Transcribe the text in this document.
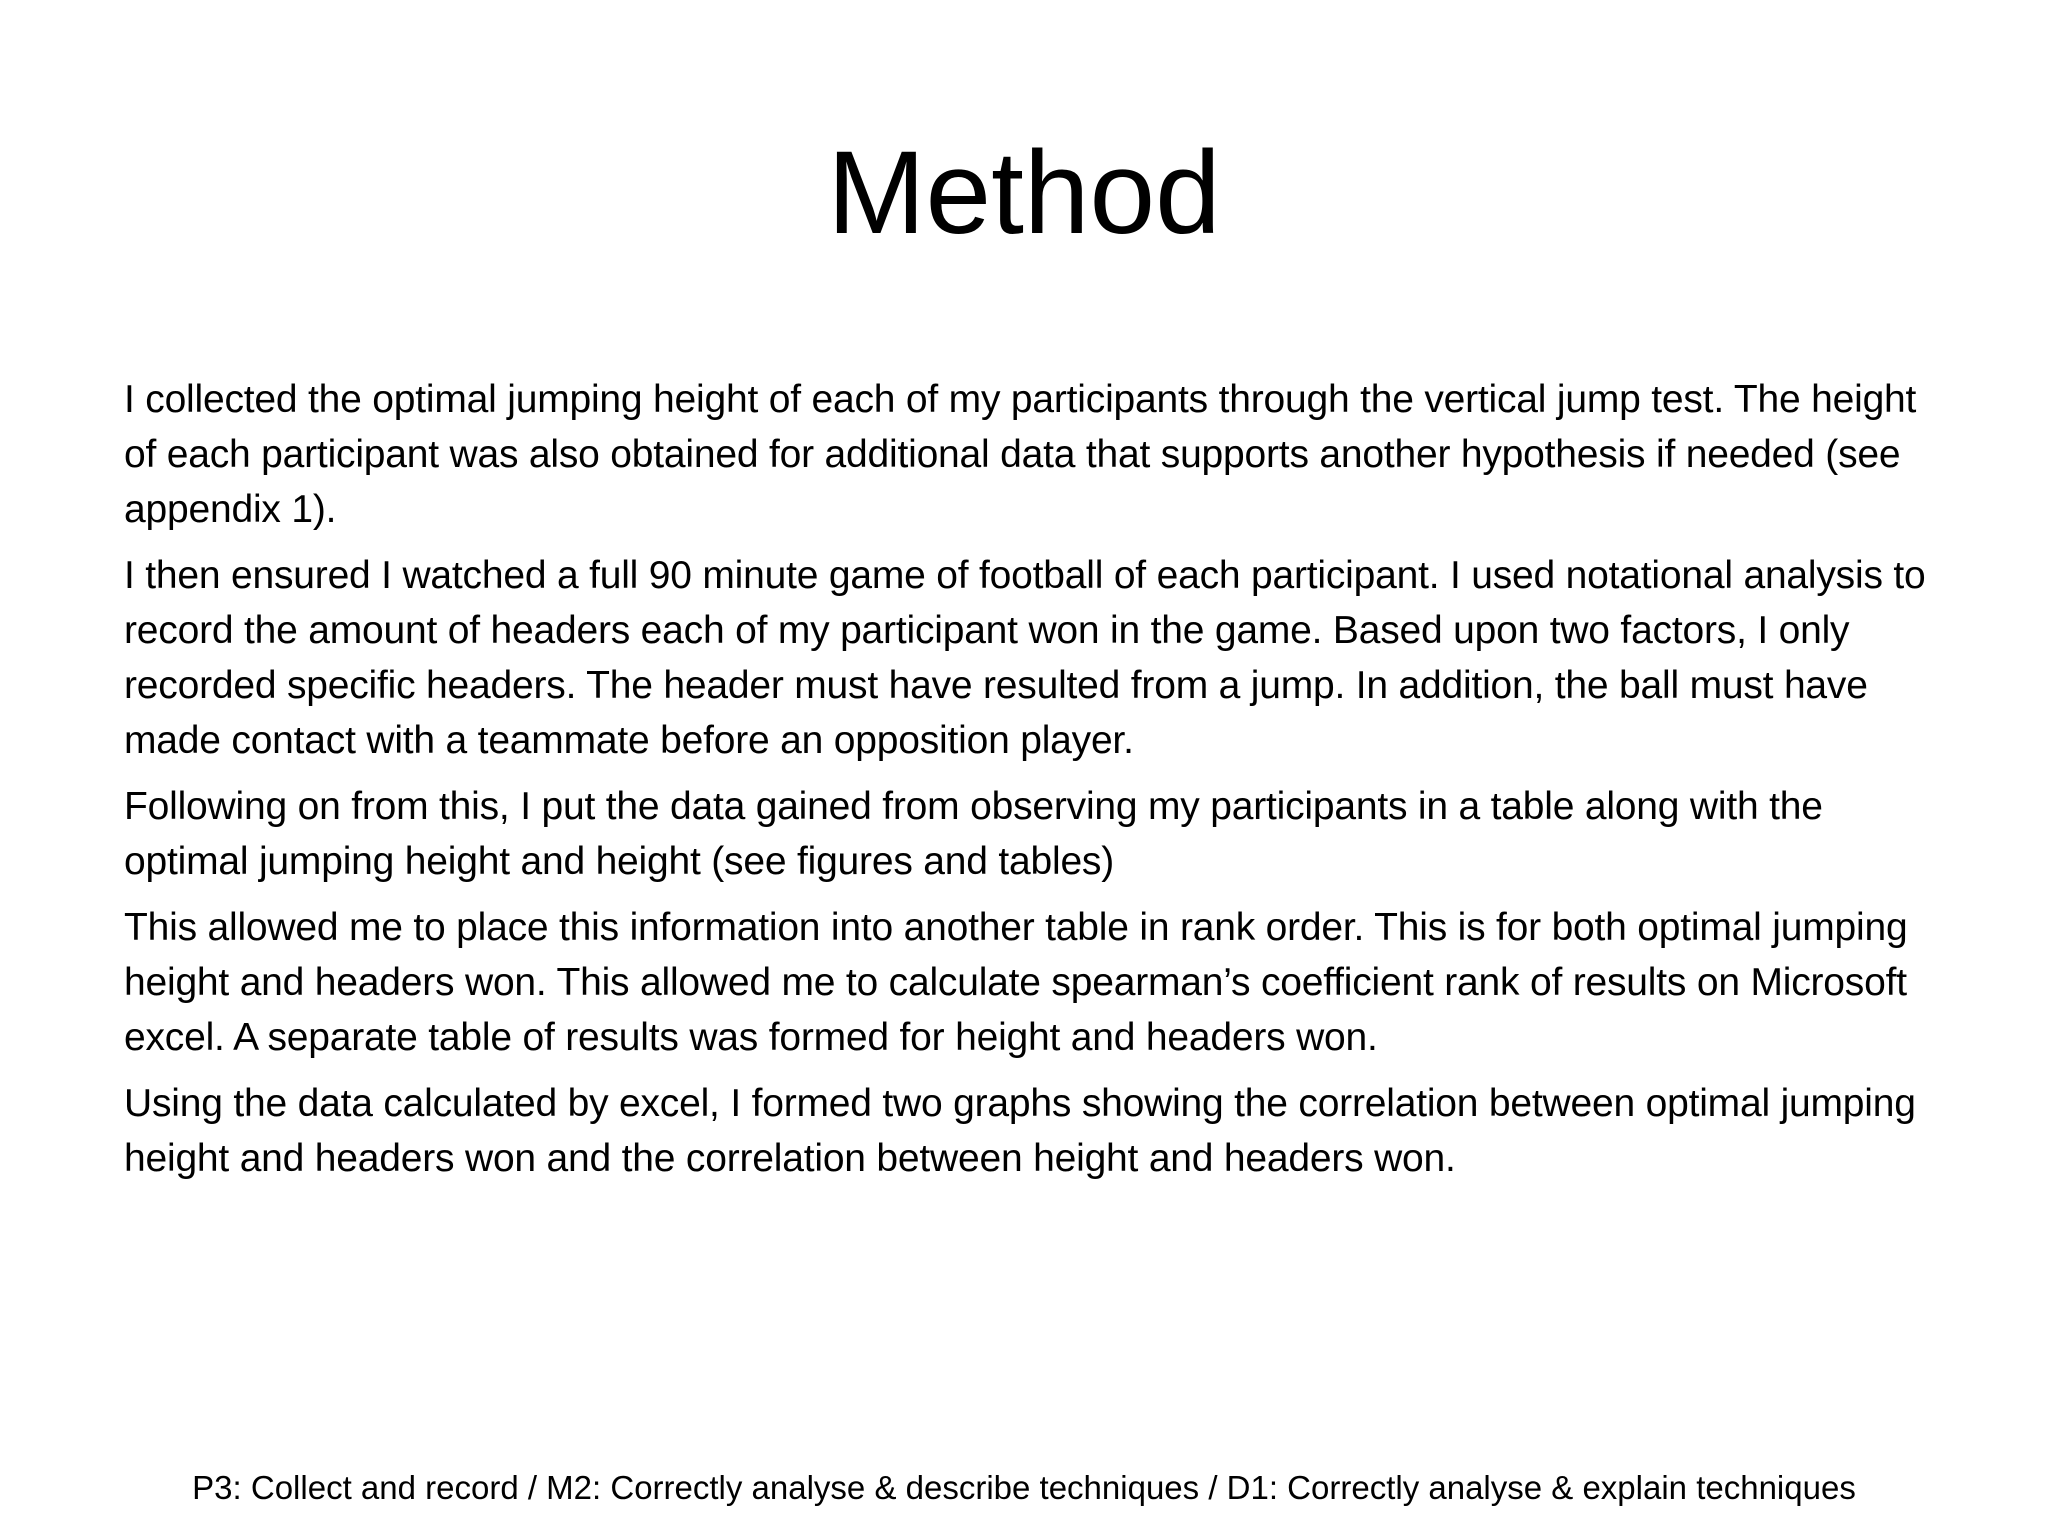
Method

I collected the optimal jumping height of each of my participants through the vertical jump test. The height of each participant was also obtained for additional data that supports another hypothesis if needed (see appendix 1).

I then ensured I watched a full 90 minute game of football of each participant. I used notational analysis to record the amount of headers each of my participant won in the game. Based upon two factors, I only recorded specific headers. The header must have resulted from a jump. In addition, the ball must have made contact with a teammate before an opposition player.

Following on from this, I put the data gained from observing my participants in a table along with the optimal jumping height and height (see figures and tables)

This allowed me to place this information into another table in rank order. This is for both optimal jumping height and headers won. This allowed me to calculate spearman’s coefficient rank of results on Microsoft excel. A separate table of results was formed for height and headers won.

Using the data calculated by excel, I formed two graphs showing the correlation between optimal jumping height and headers won and the correlation between height and headers won.

P3: Collect and record / M2: Correctly analyse & describe techniques / D1: Correctly analyse & explain techniques
